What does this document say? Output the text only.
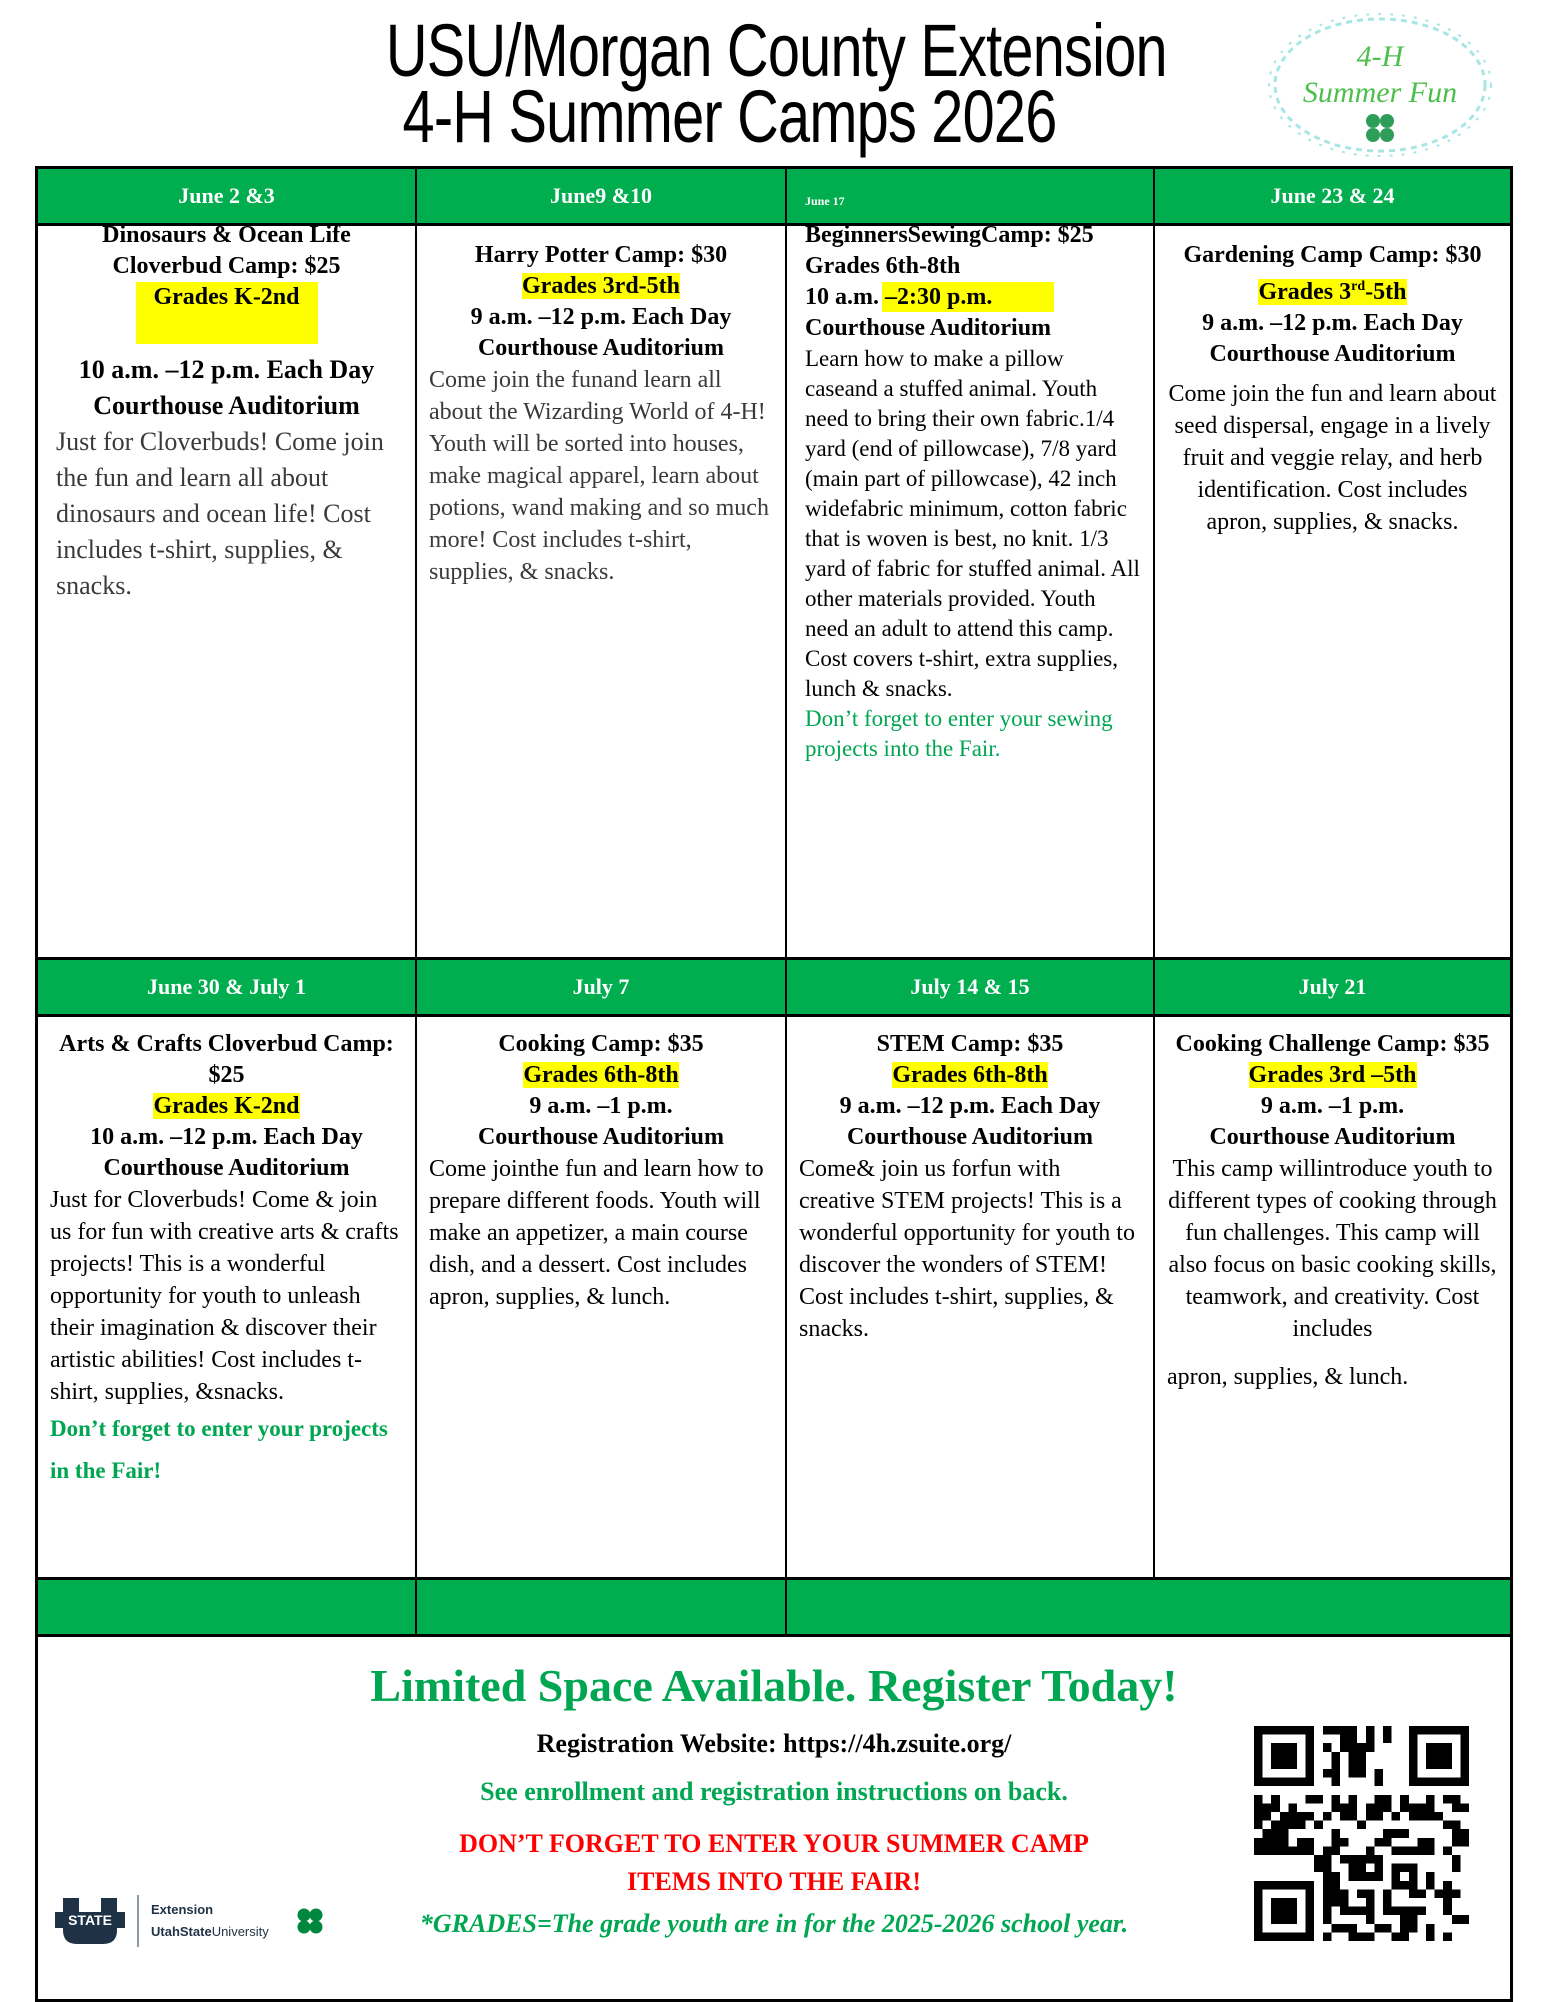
USU/Morgan County Extension
4-H Summer Camps 2026
4-H
Summer Fun
June 2 &3	June9 &10	June 17	June 23 & 24
Dinosaurs & Ocean Life Cloverbud Camp: $25
Grades K-2nd
10 a.m. –12 p.m. Each Day
Courthouse Auditorium
Just for Cloverbuds! Come join the fun and learn all about dinosaurs and ocean life! Cost includes t-shirt, supplies, & snacks.
Harry Potter Camp: $30
Grades 3rd-5th
9 a.m. –12 p.m. Each Day
Courthouse Auditorium
Come join the funand learn all about the Wizarding World of 4-H! Youth will be sorted into houses, make magical apparel, learn about potions, wand making and so much more! Cost includes t-shirt, supplies, & snacks.
BeginnersSewingCamp: $25
Grades 6th-8th
10 a.m. –2:30 p.m.
Courthouse Auditorium
Learn how to make a pillow caseand a stuffed animal. Youth need to bring their own fabric.1/4 yard (end of pillowcase), 7/8 yard (main part of pillowcase), 42 inch widefabric minimum, cotton fabric that is woven is best, no knit. 1/3 yard of fabric for stuffed animal. All other materials provided. Youth need an adult to attend this camp. Cost covers t-shirt, extra supplies, lunch & snacks.
Don’t forget to enter your sewing projects into the Fair.
Gardening Camp Camp: $30
Grades 3rd-5th
9 a.m. –12 p.m. Each Day
Courthouse Auditorium
Come join the fun and learn about seed dispersal, engage in a lively fruit and veggie relay, and herb identification. Cost includes apron, supplies, & snacks.
June 30 & July 1	July 7	July 14 & 15	July 21
Arts & Crafts Cloverbud Camp: $25
Grades K-2nd
10 a.m. –12 p.m. Each Day
Courthouse Auditorium
Just for Cloverbuds! Come & join us for fun with creative arts & crafts projects! This is a wonderful opportunity for youth to unleash their imagination & discover their artistic abilities! Cost includes t-shirt, supplies, &snacks.
Don’t forget to enter your projects in the Fair!
Cooking Camp: $35
Grades 6th-8th
9 a.m. –1 p.m.
Courthouse Auditorium
Come jointhe fun and learn how to prepare different foods. Youth will make an appetizer, a main course dish, and a dessert. Cost includes apron, supplies, & lunch.
STEM Camp: $35
Grades 6th-8th
9 a.m. –12 p.m. Each Day
Courthouse Auditorium
Come& join us forfun with creative STEM projects! This is a wonderful opportunity for youth to discover the wonders of STEM! Cost includes t-shirt, supplies, & snacks.
Cooking Challenge Camp: $35
Grades 3rd –5th
9 a.m. –1 p.m.
Courthouse Auditorium
This camp willintroduce youth to different types of cooking through fun challenges. This camp will also focus on basic cooking skills, teamwork, and creativity. Cost includes
apron, supplies, & lunch.
Limited Space Available. Register Today!
Registration Website: https://4h.zsuite.org/
See enrollment and registration instructions on back.
DON’T FORGET TO ENTER YOUR SUMMER CAMP
ITEMS INTO THE FAIR!
*GRADES=The grade youth are in for the 2025-2026 school year.
STATE
Extension
UtahStateUniversity
